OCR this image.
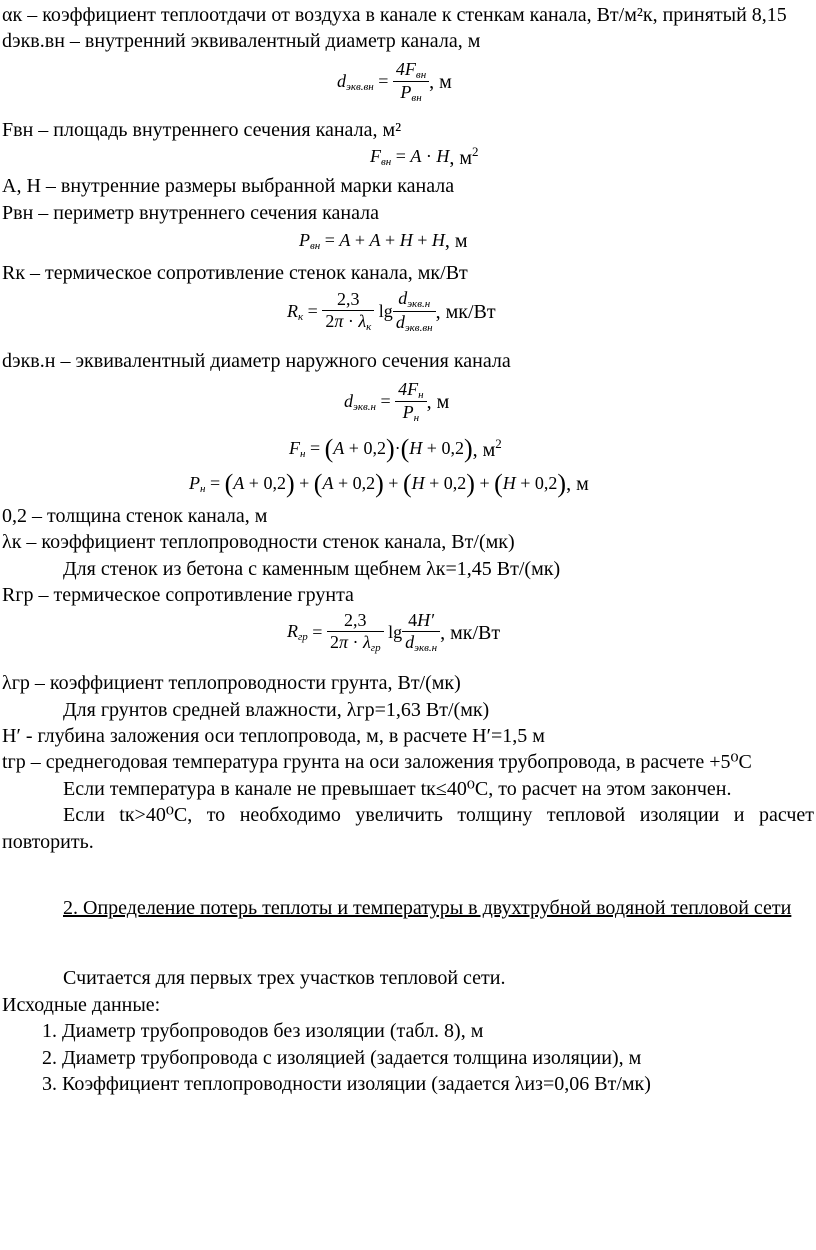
αк – коэффициент теплоотдачи от воздуха в канале к стенкам канала, Вт/м²к, принятый 8,15

dэкв.вн – внутренний эквивалентный диаметр канала, м

$d_{экв.вн}$
=
$\frac{4F_{вн}}{P_{вн}}$ , м

Fвн – площадь внутреннего сечения канала, м²

$F_{вн}$
= A · H , $м^2$

А, Н – внутренние размеры выбранной марки канала

Рвн – периметр внутреннего сечения канала

$P_{вн}$
= A + A + H + H , м

Rк – термическое сопротивление стенок канала, мк/Вт

$R_к$
=
$\frac{2,3}{2\pi \cdot \lambda_к}$
$\lg \frac{d_{экв.н}}{d_{экв.вн}}$ , мк/Вт

dэкв.н – эквивалентный диаметр наружного сечения канала

$d_{экв.н}$
=
$\frac{4F_н}{P_н}$ , м
$F_н$
=
( A + 0,2 ) · ( H + 0,2 ) , $м^2$
$P_н$
=
( A + 0,2 )
+
( A + 0,2 )
+
( H + 0,2 )
+
( H + 0,2 ) , м

0,2 – толщина стенок канала, м

λк – коэффициент теплопроводности стенок канала, Вт/(мк)

Для стенок из бетона с каменным щебнем λк=1,45 Вт/(мк)

Rгр – термическое сопротивление грунта

$R_{гр}$
=
$\frac{2,3}{2\pi \cdot \lambda_{гр}}$
$\lg \frac{4H'}{d_{экв.н}}$ , мк/Вт

λгр – коэффициент теплопроводности грунта, Вт/(мк)

Для грунтов средней влажности, λгр=1,63 Вт/(мк)

H′ - глубина заложения оси теплопровода, м, в расчете H′=1,5 м

tгр – среднегодовая температура грунта на оси заложения трубопровода, в расчете +5⁰С

Если температура в канале не превышает tк≤40⁰С, то расчет на этом закончен.

Если tк>40⁰С, то необходимо увеличить толщину тепловой изоляции и расчет повторить.

2. Определение потерь теплоты и температуры в двухтрубной водяной тепловой сети

Считается для первых трех участков тепловой сети.

Исходные данные:

1. Диаметр трубопроводов без изоляции (табл. 8), м
2. Диаметр трубопровода с изоляцией (задается толщина изоляции), м
3. Коэффициент теплопроводности изоляции (задается λиз=0,06 Вт/мк)
